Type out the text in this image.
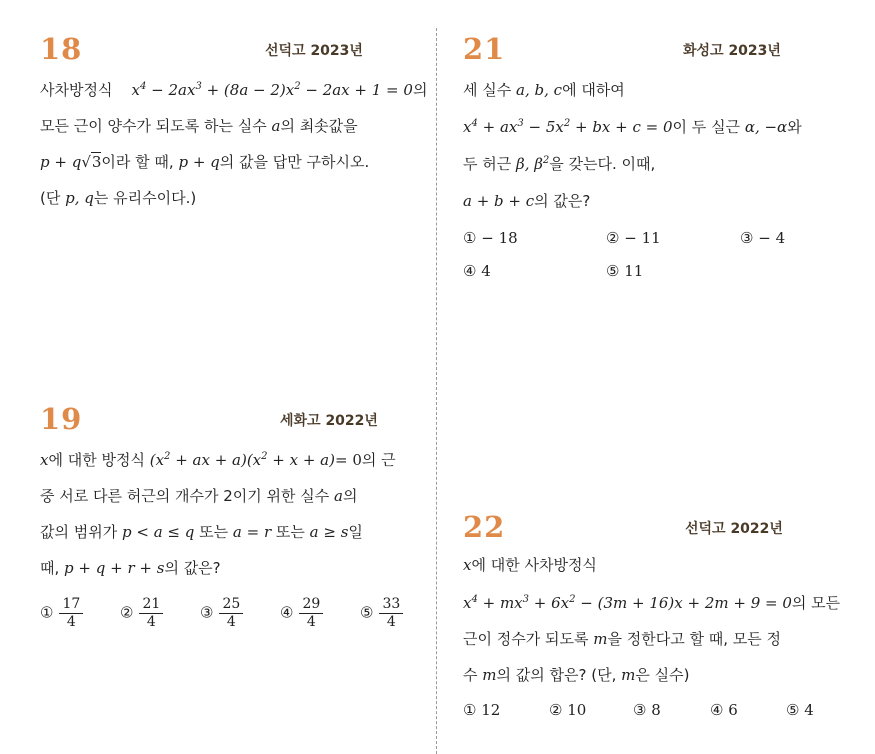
18	선덕고 2023년
사차방정식 $x^4 - 2ax^3 + (8a - 2)x^2 - 2ax + 1 = 0$의
모든 근이 양수가 되도록 하는 실수 a의 최솟값을
p + q√3이라 할 때, p + q의 값을 답만 구하시오.
(단 p, q는 유리수이다.)
19	세화고 2022년
x에 대한 방정식 ($x^2$ + ax + $a)(x^2 + x + a)= 0$의 근
중 서로 다른 허근의 개수가 2이기 위한 실수 a의
값의 범위가 p < a ≤ q 또는 a = r 또는 a ≥ s일
때, p + q + r + s의 값은?
① $\frac{17}{4}$ ② $\frac{21}{4}$ ③ $\frac{25}{4}$ ④ $\frac{29}{4}$ ⑤ $\frac{33}{4}$
21	화성고 2023년
세 실수 a, b, c에 대하여
$x^4 + ax^3 - 5x^2$ + bx + c = 0이 두 실근 α, −α와
두 허근 β, $\beta^2$을 갖는다. 이때,
a + b + c의 값은?
① − 18	② − 11	③ − 4
④ 4	⑤ 11
22	선덕고 2022년
x에 대한 사차방정식
$x^4 + mx^3 + 6x^2 - (3m + 16)x + 2m + 9 = 0$의 모든
근이 정수가 되도록 m을 정한다고 할 때, 모든 정
수 m의 값의 합은? (단, m은 실수)
① 12	② 10	③ 8	④ 6	⑤ 4
